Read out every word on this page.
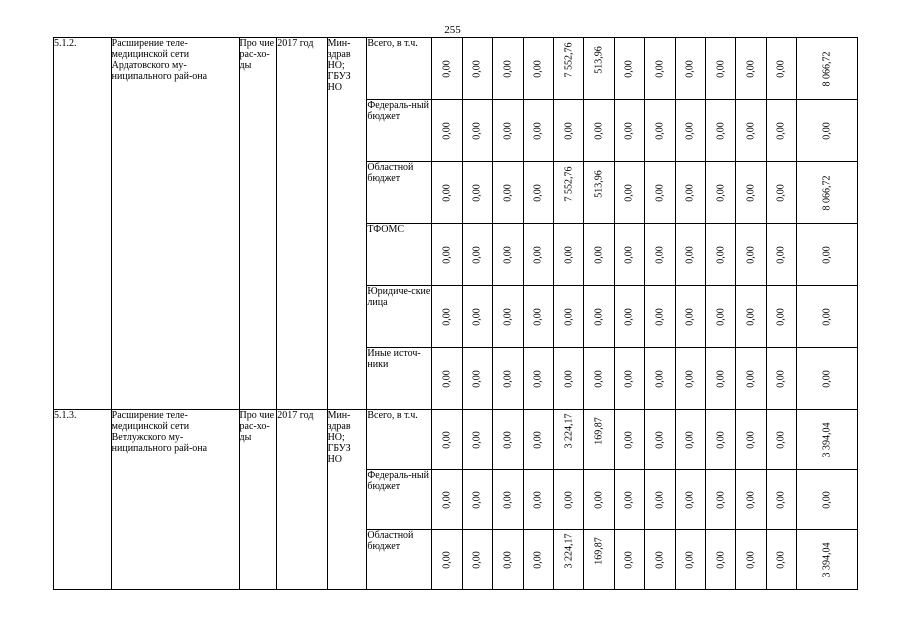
255
5.1.2.	Расширение теле-медицинской сети Ардатовского му-ниципального рай-она	Про чие рас-хо-ды	2017 год	Мин-здрав НО; ГБУЗ НО	Всего, в т.ч.	0,00	0,00	0,00	0,00	7 552,76	513,96	0,00	0,00	0,00	0,00	0,00	0,00	8 066,72

					Федераль-ный бюджет	0,00	0,00	0,00	0,00	0,00	0,00	0,00	0,00	0,00	0,00	0,00	0,00	0,00

					Областной бюджет	0,00	0,00	0,00	0,00	7 552,76	513,96	0,00	0,00	0,00	0,00	0,00	0,00	8 066,72

					ТФОМС	0,00	0,00	0,00	0,00	0,00	0,00	0,00	0,00	0,00	0,00	0,00	0,00	0,00

					Юридиче-ские лица	0,00	0,00	0,00	0,00	0,00	0,00	0,00	0,00	0,00	0,00	0,00	0,00	0,00

					Иные источ-ники	0,00	0,00	0,00	0,00	0,00	0,00	0,00	0,00	0,00	0,00	0,00	0,00	0,00

5.1.3.	Расширение теле-медицинской сети Ветлужского му-ниципального рай-она	Про чие рас-хо-ды	2017 год	Мин-здрав НО; ГБУЗ НО	Всего, в т.ч.	0,00	0,00	0,00	0,00	3 224,17	169,87	0,00	0,00	0,00	0,00	0,00	0,00	3 394,04

					Федераль-ный бюджет	0,00	0,00	0,00	0,00	0,00	0,00	0,00	0,00	0,00	0,00	0,00	0,00	0,00

					Областной бюджет	0,00	0,00	0,00	0,00	3 224,17	169,87	0,00	0,00	0,00	0,00	0,00	0,00	3 394,04
